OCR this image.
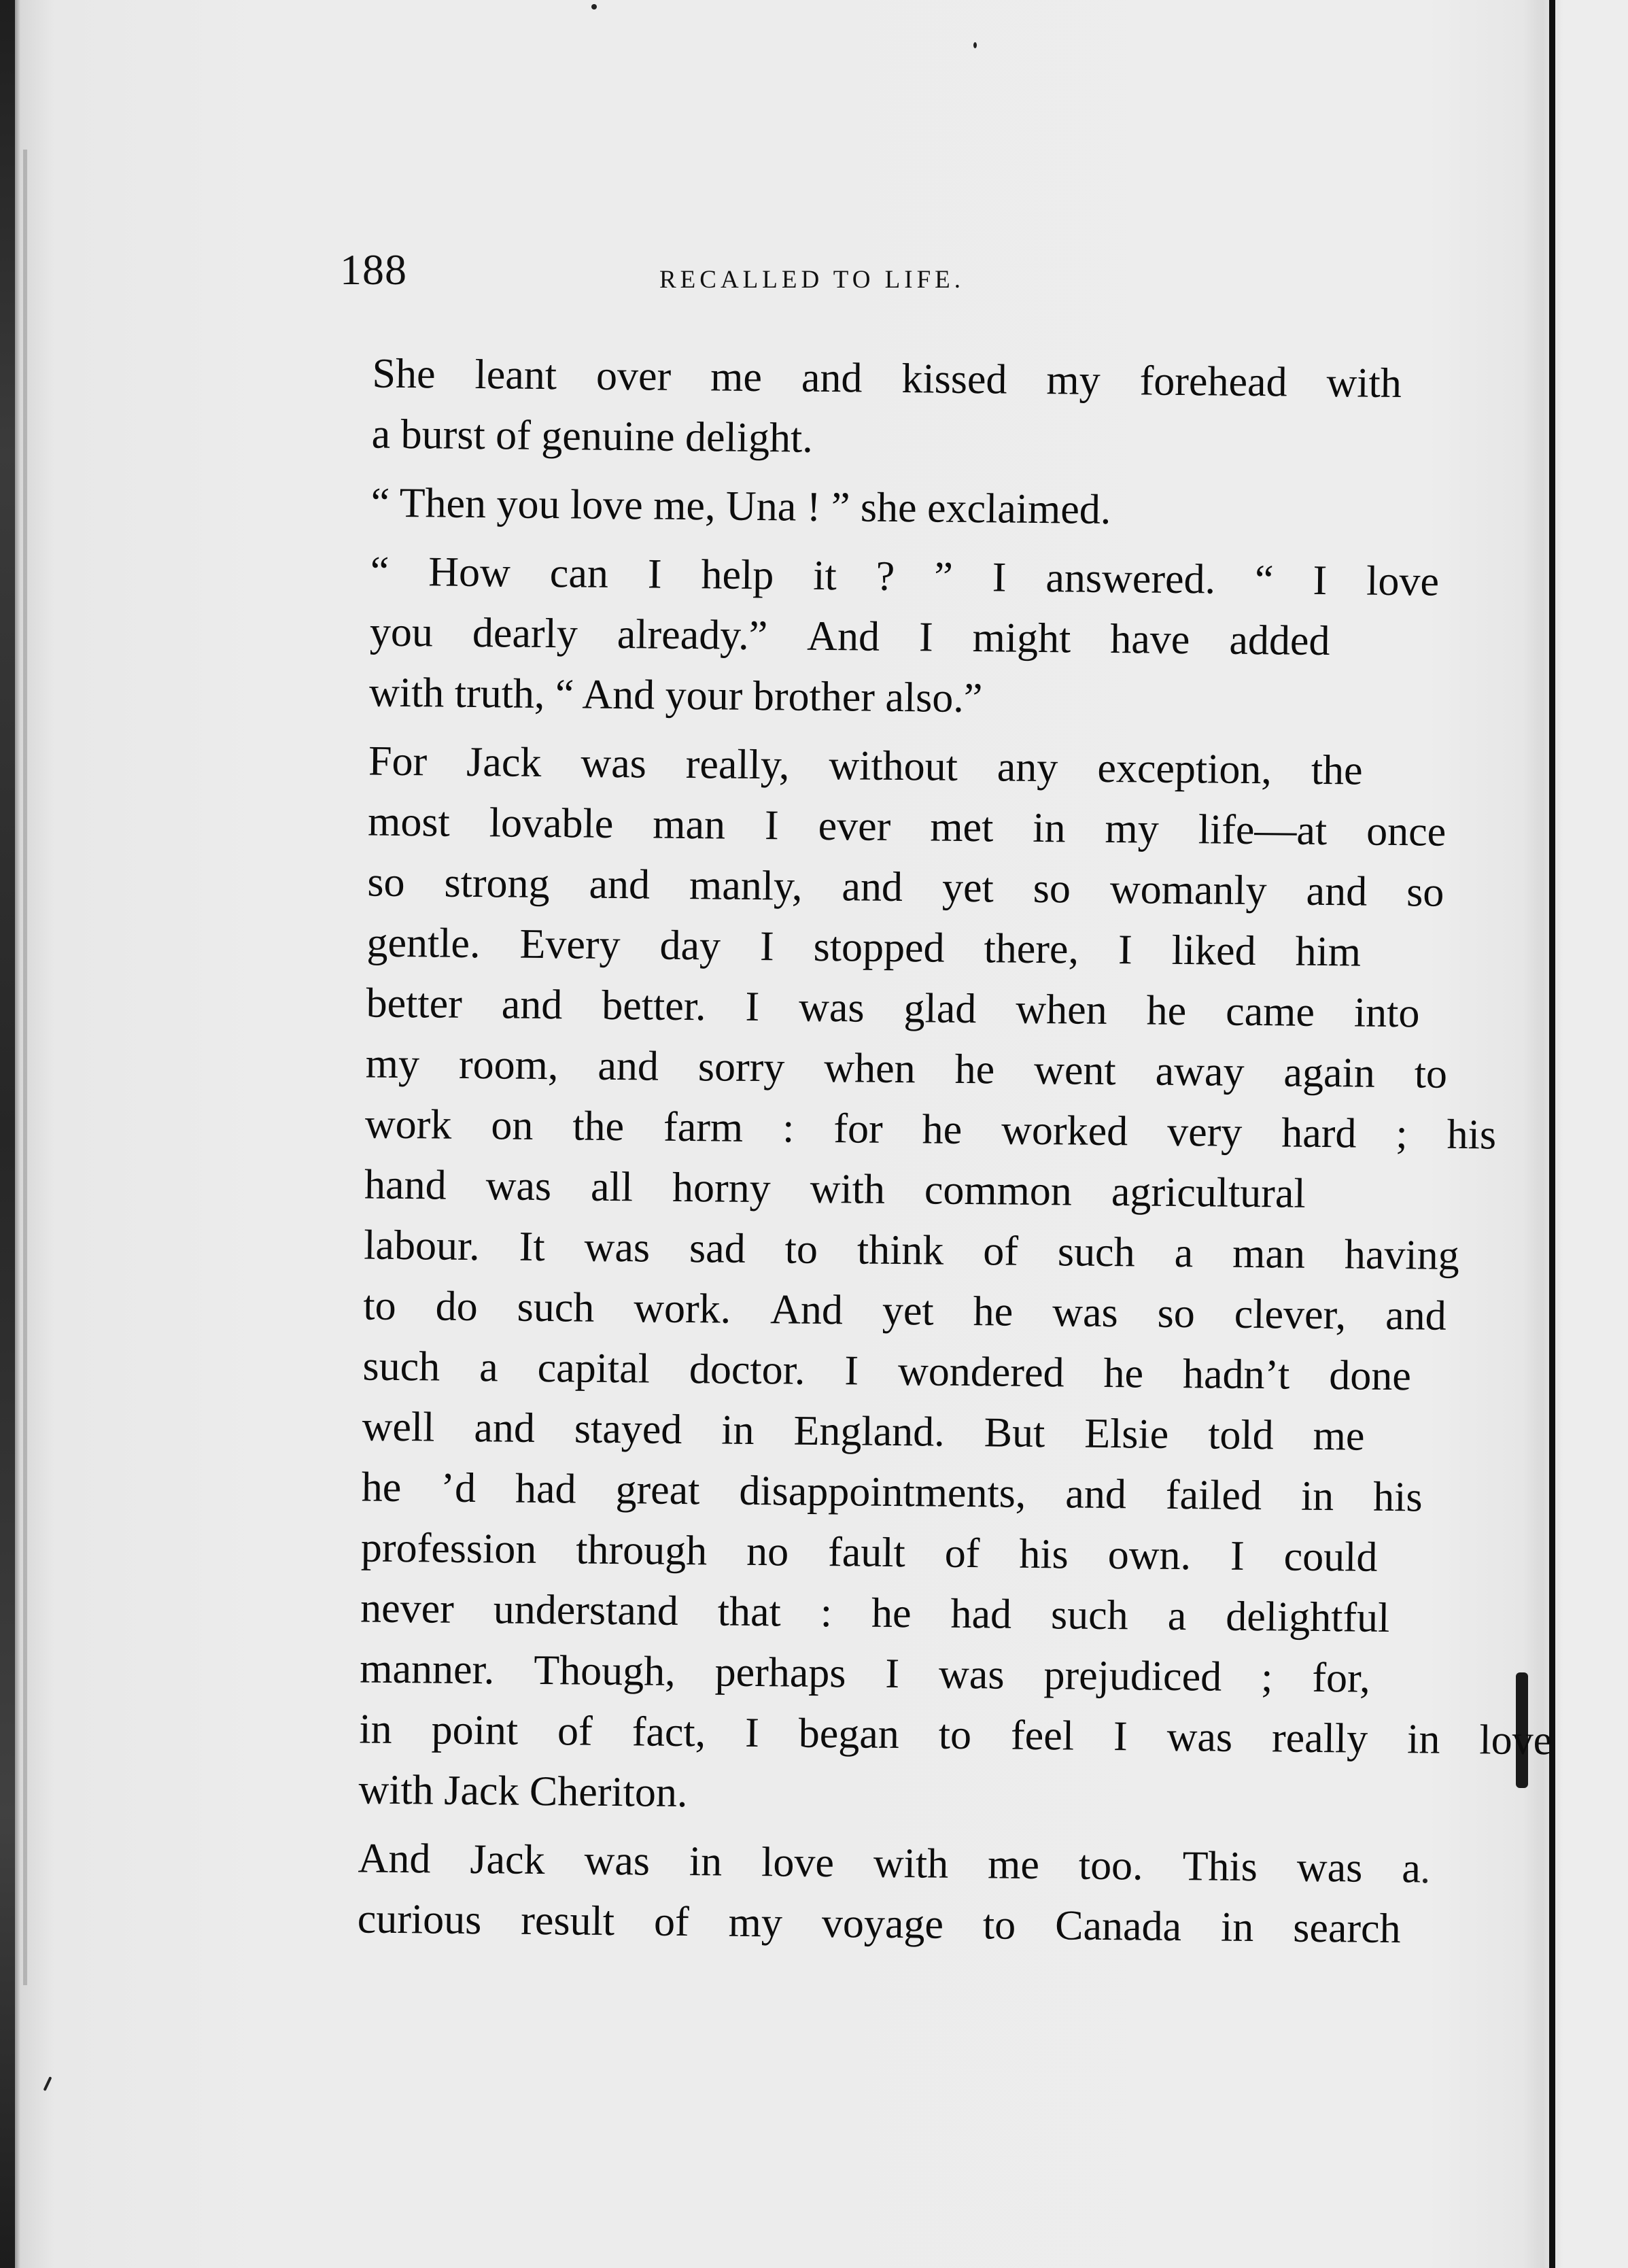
188	RECALLED TO LIFE.

She leant over me and kissed my forehead with
a burst of genuine delight.

“ Then you love me, Una ! ” she exclaimed.

“ How can I help it ? ” I answered. “ I love
you dearly already.” And I might have added
with truth, “ And your brother also.”

For Jack was really, without any exception, the
most lovable man I ever met in my life—at once
so strong and manly, and yet so womanly and so
gentle. Every day I stopped there, I liked him
better and better. I was glad when he came into
my room, and sorry when he went away again to
work on the farm : for he worked very hard ; his
hand was all horny with common agricultural
labour. It was sad to think of such a man having
to do such work. And yet he was so clever, and
such a capital doctor. I wondered he hadn’t done
well and stayed in England. But Elsie told me
he ’d had great disappointments, and failed in his
profession through no fault of his own. I could
never understand that : he had such a delightful
manner. Though, perhaps I was prejudiced ; for,
in point of fact, I began to feel I was really in love
with Jack Cheriton.

And Jack was in love with me too. This was a
curious result of my voyage to Canada in search
